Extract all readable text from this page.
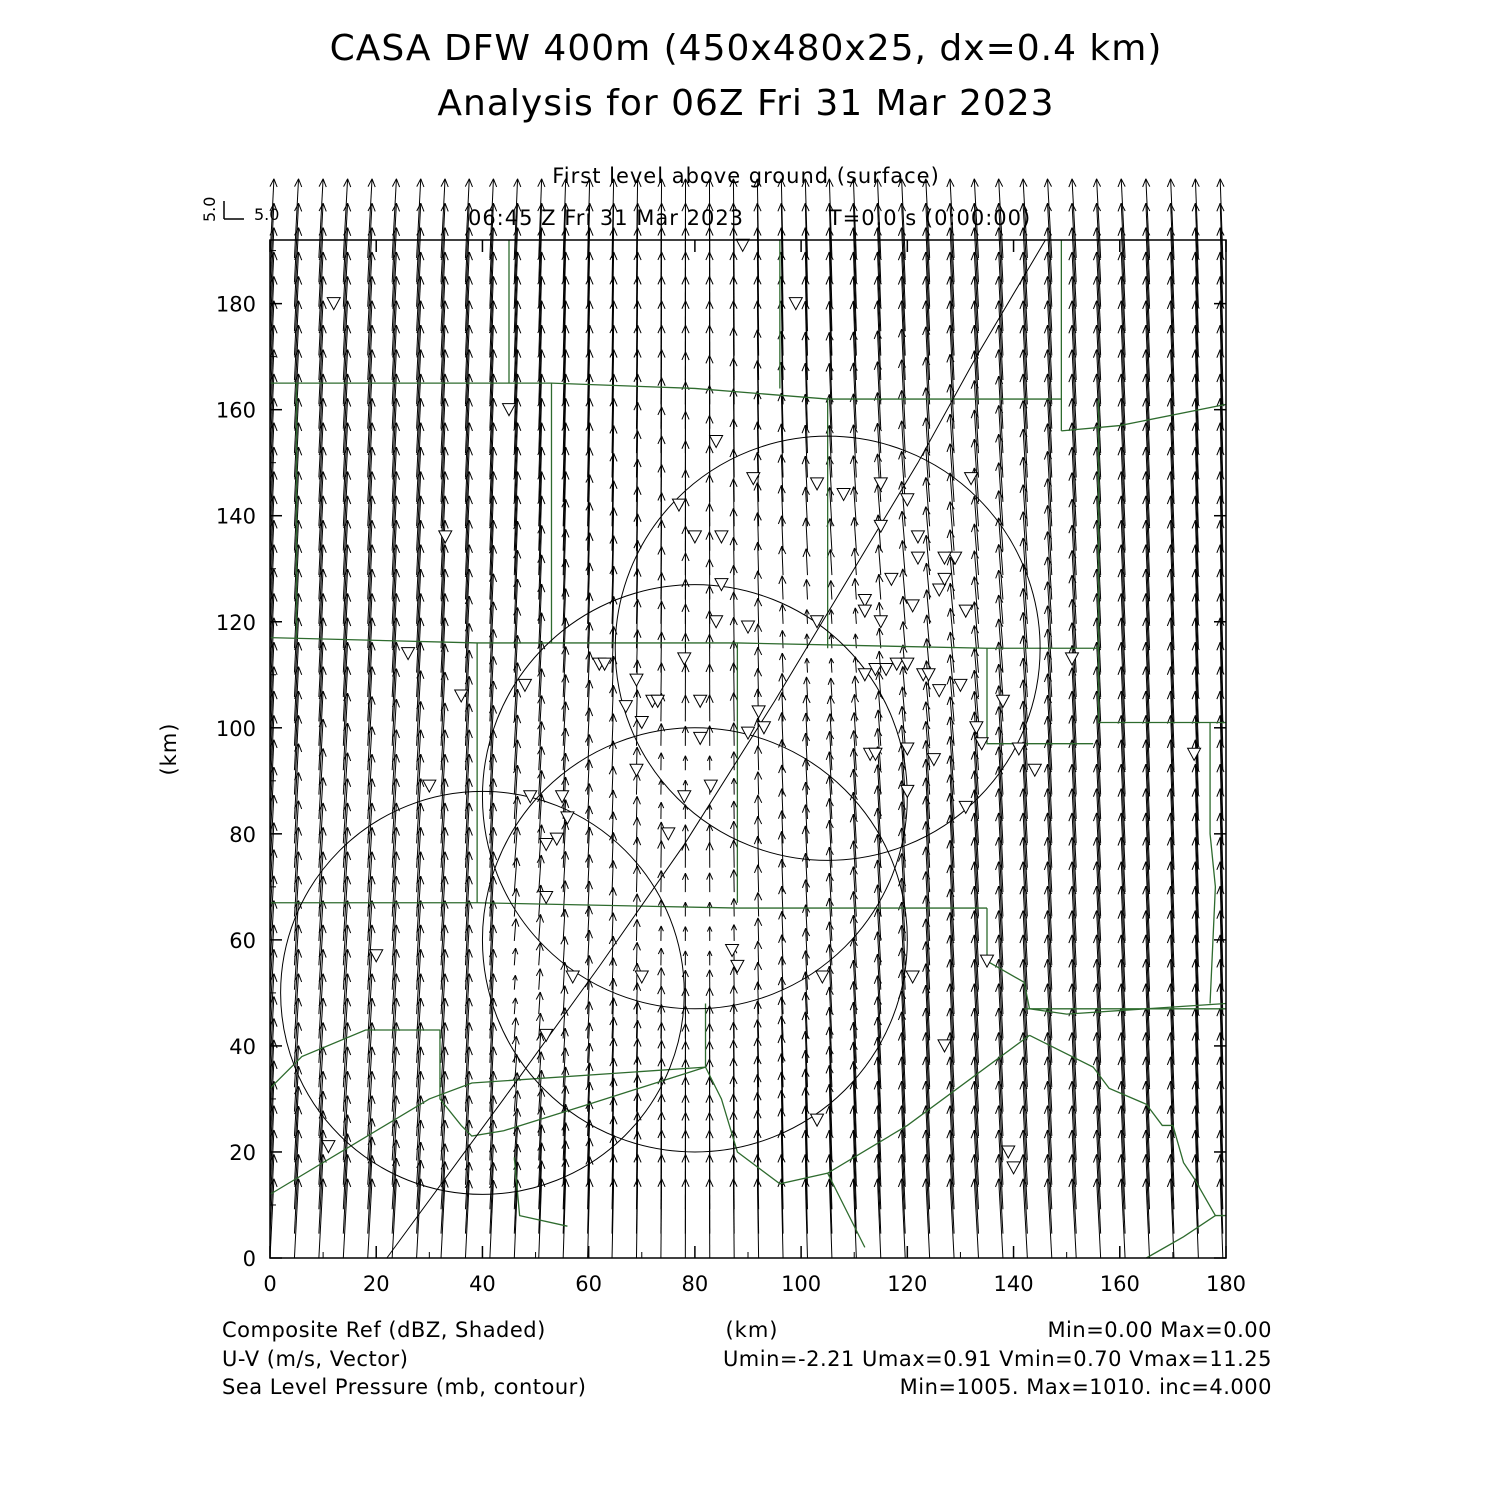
0	20	40	60	80	100	120	140	160	180
0
20
40
60
80
100
120
140
160
180
CASA DFW 400m (450x480x25, dx=0.4 km)
Analysis for 06Z Fri 31 Mar 2023
First level above ground (surface)
06:45 Z Fri 31 Mar 2023	T=0.0 s (0:00:00)
5.0
5.0
(km)
(km)
Composite Ref (dBZ, Shaded)	Min=0.00 Max=0.00
U-V (m/s, Vector)	Umin=-2.21 Umax=0.91 Vmin=0.70 Vmax=11.25
Sea Level Pressure (mb, contour)	Min=1005. Max=1010. inc=4.000
